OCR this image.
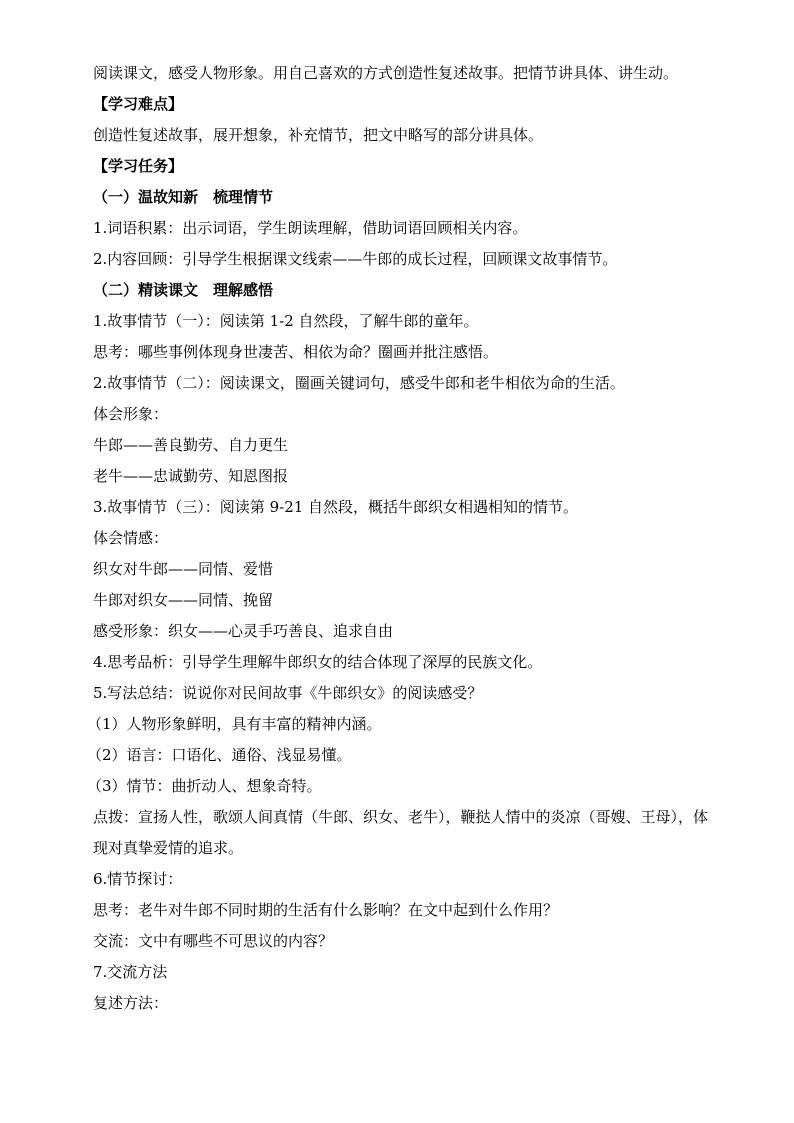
阅读课文，感受人物形象。用自己喜欢的方式创造性复述故事。把情节讲具体、讲生动。
【学习难点】
创造性复述故事，展开想象，补充情节，把文中略写的部分讲具体。
【学习任务】
（一）温故知新　梳理情节
1.词语积累：出示词语，学生朗读理解，借助词语回顾相关内容。
2.内容回顾：引导学生根据课文线索——牛郎的成长过程，回顾课文故事情节。
（二）精读课文　理解感悟
1.故事情节（一）：阅读第 1-2 自然段，了解牛郎的童年。
思考：哪些事例体现身世凄苦、相依为命？圈画并批注感悟。
2.故事情节（二）：阅读课文，圈画关键词句，感受牛郎和老牛相依为命的生活。
体会形象：
牛郎——善良勤劳、自力更生
老牛——忠诚勤劳、知恩图报
3.故事情节（三）：阅读第 9-21 自然段，概括牛郎织女相遇相知的情节。
体会情感：
织女对牛郎——同情、爱惜
牛郎对织女——同情、挽留
感受形象：织女——心灵手巧善良、追求自由
4.思考品析：引导学生理解牛郎织女的结合体现了深厚的民族文化。
5.写法总结：说说你对民间故事《牛郎织女》的阅读感受？
（1）人物形象鲜明，具有丰富的精神内涵。
（2）语言：口语化、通俗、浅显易懂。
（3）情节：曲折动人、想象奇特。
点拨：宣扬人性，歌颂人间真情（牛郎、织女、老牛），鞭挞人情中的炎凉（哥嫂、王母），体现对真挚爱情的追求。
6.情节探讨：
思考：老牛对牛郎不同时期的生活有什么影响？在文中起到什么作用？
交流：文中有哪些不可思议的内容？
7.交流方法
复述方法：
